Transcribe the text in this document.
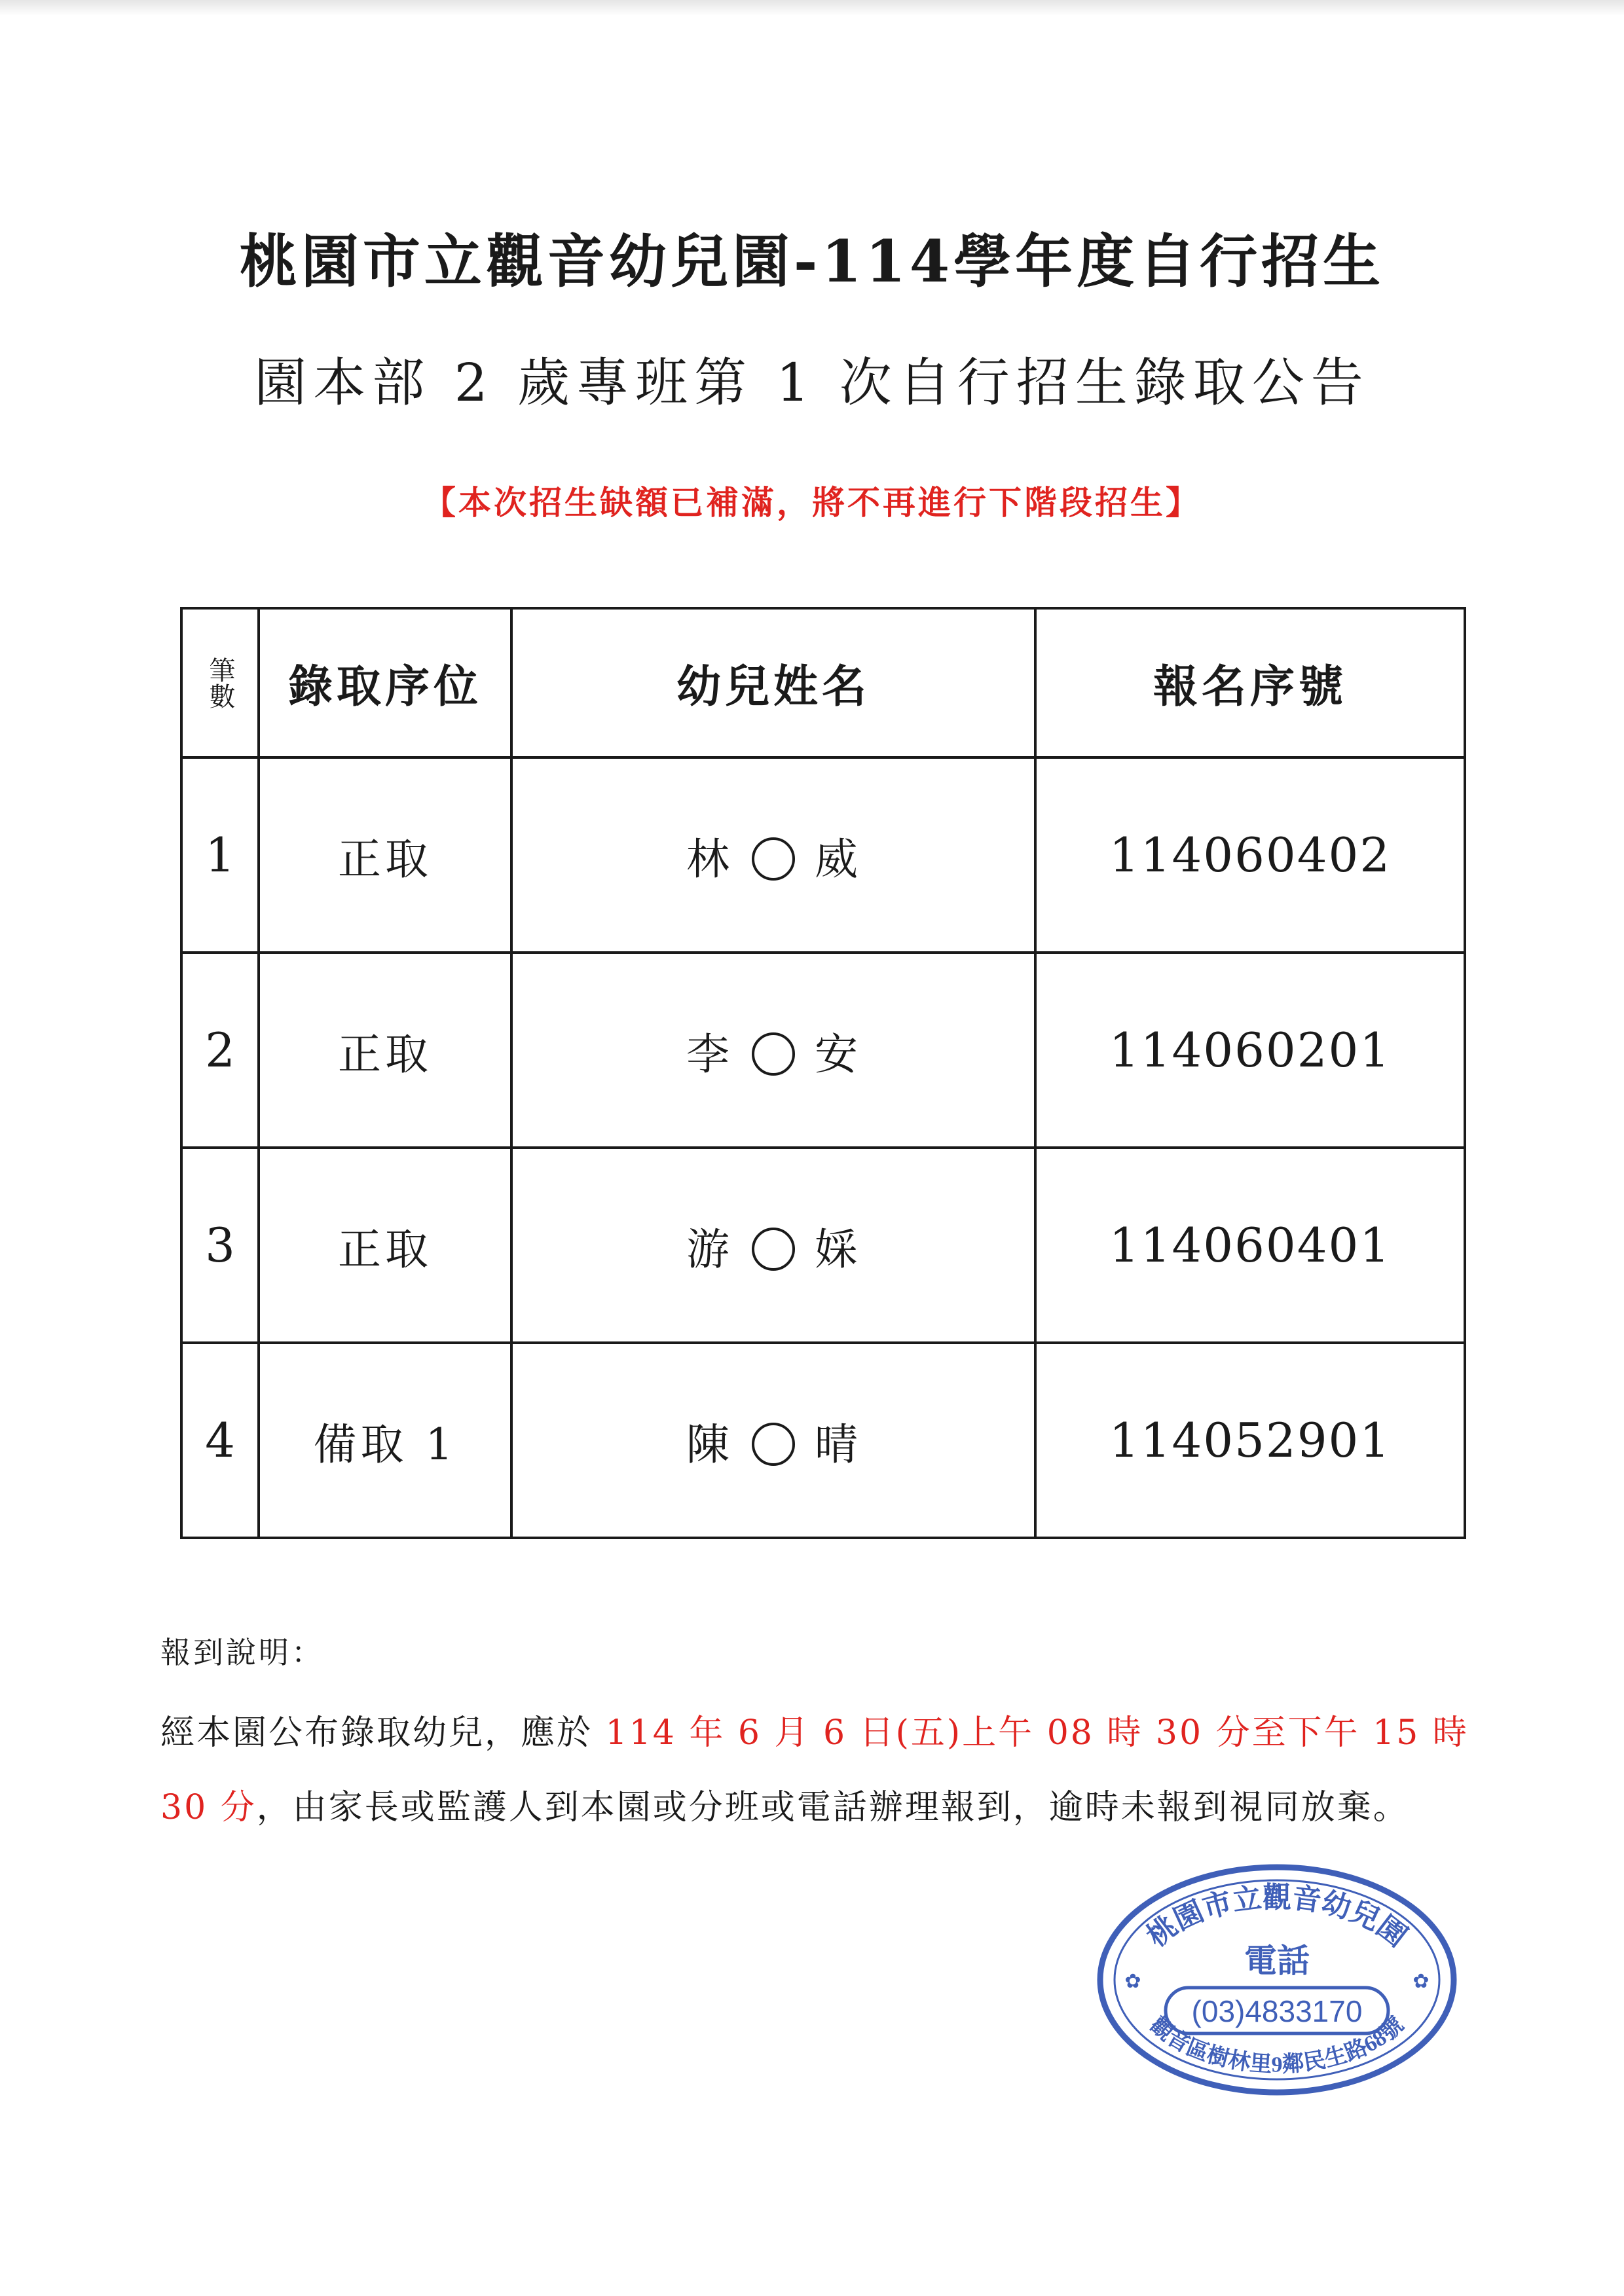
桃園市立觀音幼兒園-114學年度自行招生
園本部 2 歲專班第 1 次自行招生錄取公告
【本次招生缺額已補滿，將不再進行下階段招生】
筆數	錄取序位	幼兒姓名	報名序號
1	正取	林 威	114060402
2	正取	李 安	114060201
3	正取	游 婇	114060401
4	備取 1	陳 晴	114052901
報到說明：
經本園公布錄取幼兒，應於 114 年 6 月 6 日(五)上午 08 時 30 分至下午 15 時
30 分，由家長或監護人到本園或分班或電話辦理報到，逾時未報到視同放棄。
桃園市立觀音幼兒園
電話
(03)4833170
觀音區樹林里9鄰民生路68號
✿	✿
